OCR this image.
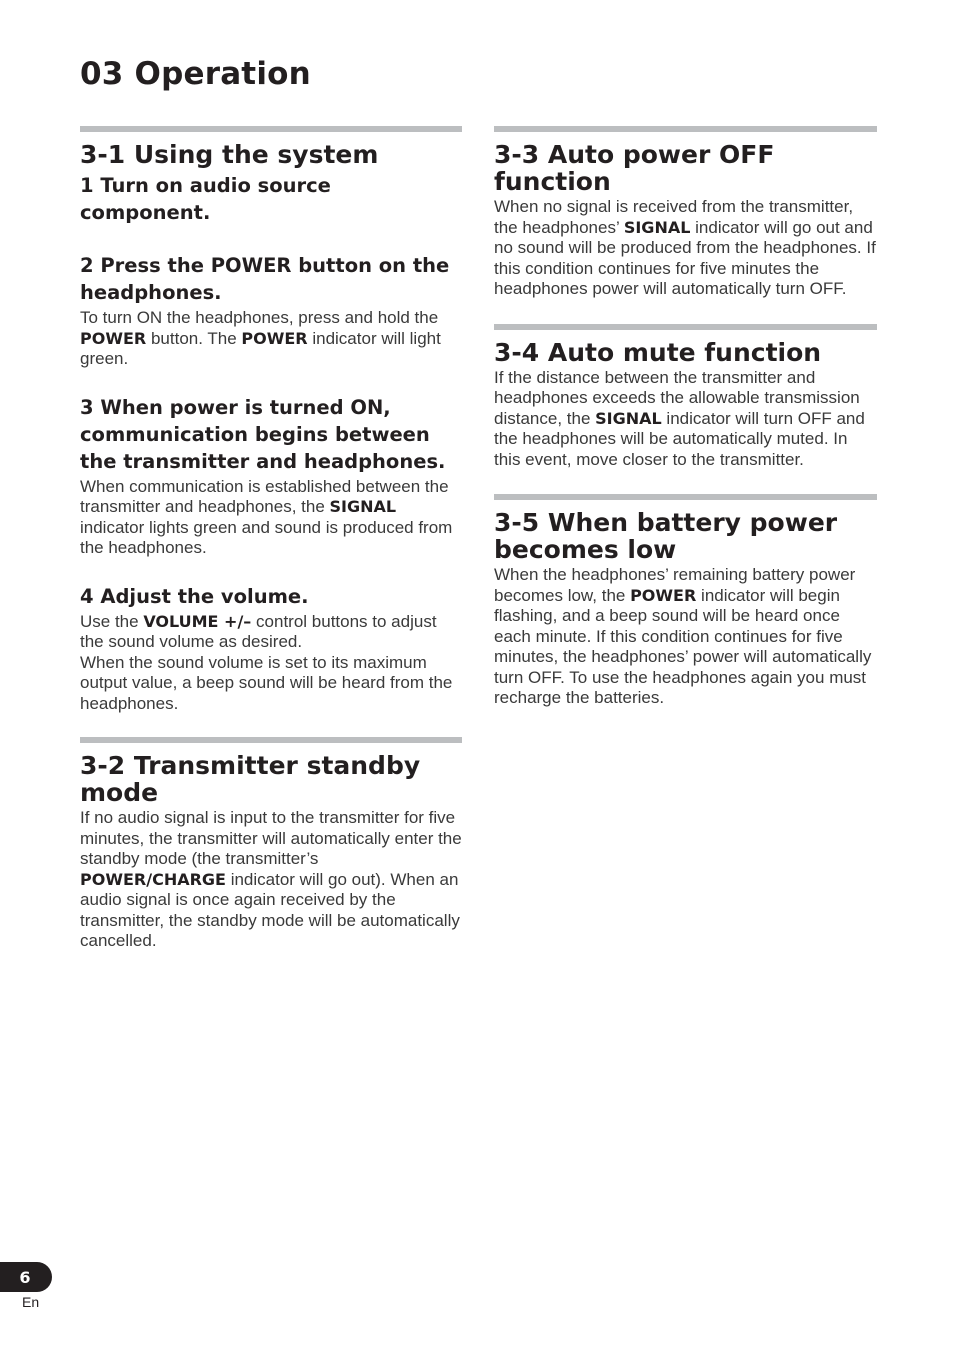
03 Operation
3-1 Using the system
1 Turn on audio source component.
2 Press the POWER button on the headphones.

To turn ON the headphones, press and hold the POWER button. The POWER indicator will light green.

3 When power is turned ON, communication begins between the transmitter and headphones.

When communication is established between the transmitter and headphones, the SIGNAL indicator lights green and sound is produced from the headphones.

4 Adjust the volume.

Use the VOLUME +/– control buttons to adjust the sound volume as desired.

When the sound volume is set to its maximum output value, a beep sound will be heard from the headphones.

3-2 Transmitter standby mode

If no audio signal is input to the transmitter for five minutes, the transmitter will automatically enter the standby mode (the transmitter’s POWER/CHARGE indicator will go out). When an audio signal is once again received by the transmitter, the standby mode will be automatically cancelled.

3-3 Auto power OFF function

When no signal is received from the transmitter, the headphones’ SIGNAL indicator will go out and no sound will be produced from the headphones. If this condition continues for five minutes the headphones power will automatically turn OFF.

3-4 Auto mute function

If the distance between the transmitter and headphones exceeds the allowable transmission distance, the SIGNAL indicator will turn OFF and the headphones will be automatically muted. In this event, move closer to the transmitter.

3-5 When battery power becomes low

When the headphones’ remaining battery power becomes low, the POWER indicator will begin flashing, and a beep sound will be heard once each minute. If this condition continues for five minutes, the headphones’ power will automatically turn OFF. To use the headphones again you must recharge the batteries.

6
En
